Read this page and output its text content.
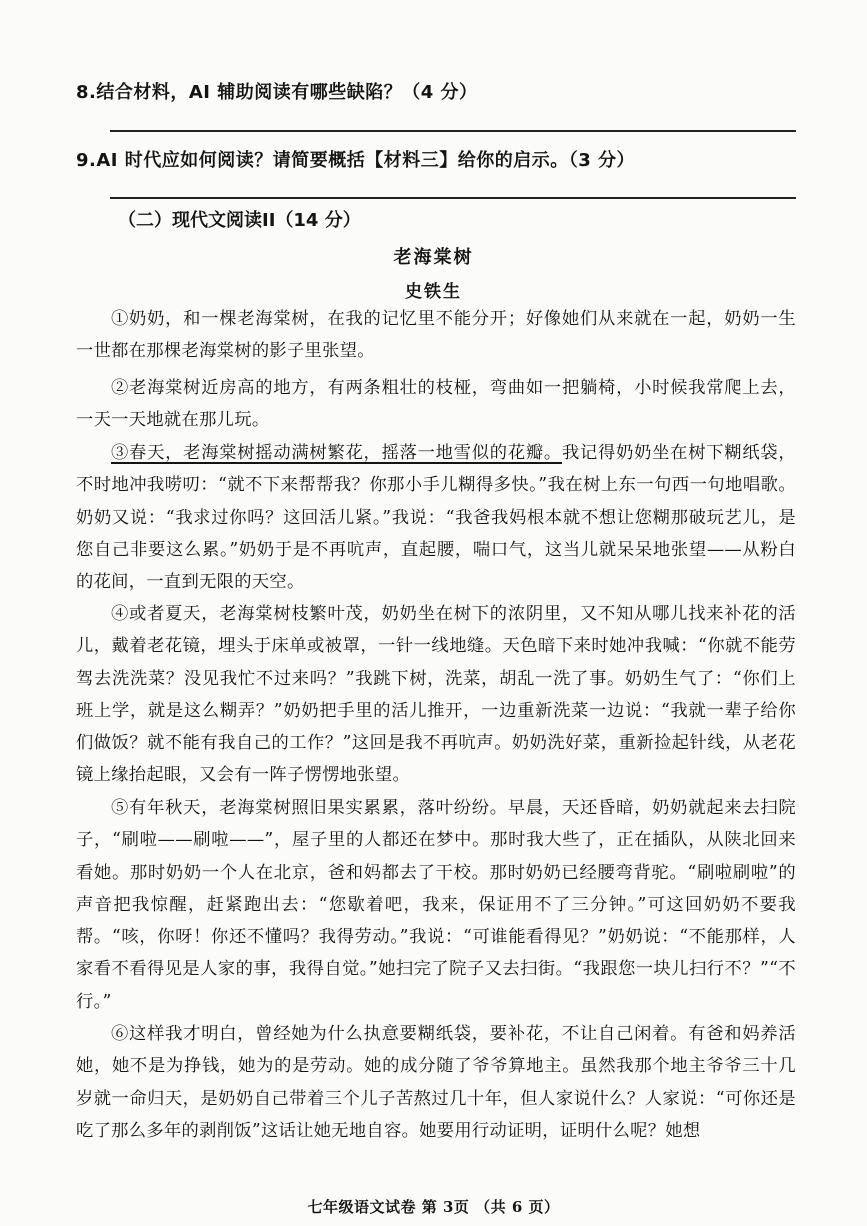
8.结合材料，AI 辅助阅读有哪些缺陷？（4 分）
9.AI 时代应如何阅读？请简要概括【材料三】给你的启示。（3 分）
（二）现代文阅读II（14 分）
老海棠树
史铁生
①奶奶，和一棵老海棠树，在我的记忆里不能分开；好像她们从来就在一起，奶奶一生一世都在那棵老海棠树的影子里张望。
②老海棠树近房高的地方，有两条粗壮的枝桠，弯曲如一把躺椅，小时候我常爬上去，一天一天地就在那儿玩。
③春天，老海棠树摇动满树繁花，摇落一地雪似的花瓣。我记得奶奶坐在树下糊纸袋，不时地冲我唠叨：“就不下来帮帮我？你那小手儿糊得多快。”我在树上东一句西一句地唱歌。奶奶又说：“我求过你吗？这回活儿紧。”我说：“我爸我妈根本就不想让您糊那破玩艺儿，是您自己非要这么累。”奶奶于是不再吭声，直起腰，喘口气，这当儿就呆呆地张望——从粉白的花间，一直到无限的天空。
④或者夏天，老海棠树枝繁叶茂，奶奶坐在树下的浓阴里，又不知从哪儿找来补花的活儿，戴着老花镜，埋头于床单或被罩，一针一线地缝。天色暗下来时她冲我喊：“你就不能劳驾去洗洗菜？没见我忙不过来吗？”我跳下树，洗菜，胡乱一洗了事。奶奶生气了：“你们上班上学，就是这么糊弄？”奶奶把手里的活儿推开，一边重新洗菜一边说：“我就一辈子给你们做饭？就不能有我自己的工作？”这回是我不再吭声。奶奶洗好菜，重新捡起针线，从老花镜上缘抬起眼，又会有一阵子愣愣地张望。
⑤有年秋天，老海棠树照旧果实累累，落叶纷纷。早晨，天还昏暗，奶奶就起来去扫院子，“刷啦——刷啦——”，屋子里的人都还在梦中。那时我大些了，正在插队，从陕北回来看她。那时奶奶一个人在北京，爸和妈都去了干校。那时奶奶已经腰弯背驼。“刷啦刷啦”的声音把我惊醒，赶紧跑出去：“您歇着吧，我来，保证用不了三分钟。”可这回奶奶不要我帮。“咳，你呀！你还不懂吗？我得劳动。”我说：“可谁能看得见？”奶奶说：“不能那样，人家看不看得见是人家的事，我得自觉。”她扫完了院子又去扫街。“我跟您一块儿扫行不？”“不行。”
⑥这样我才明白，曾经她为什么执意要糊纸袋，要补花，不让自己闲着。有爸和妈养活她，她不是为挣钱，她为的是劳动。她的成分随了爷爷算地主。虽然我那个地主爷爷三十几岁就一命归天，是奶奶自己带着三个儿子苦熬过几十年，但人家说什么？人家说：“可你还是吃了那么多年的剥削饭”这话让她无地自容。她要用行动证明，证明什么呢？她想
七年级语文试卷 第 3页 （共 6 页）
